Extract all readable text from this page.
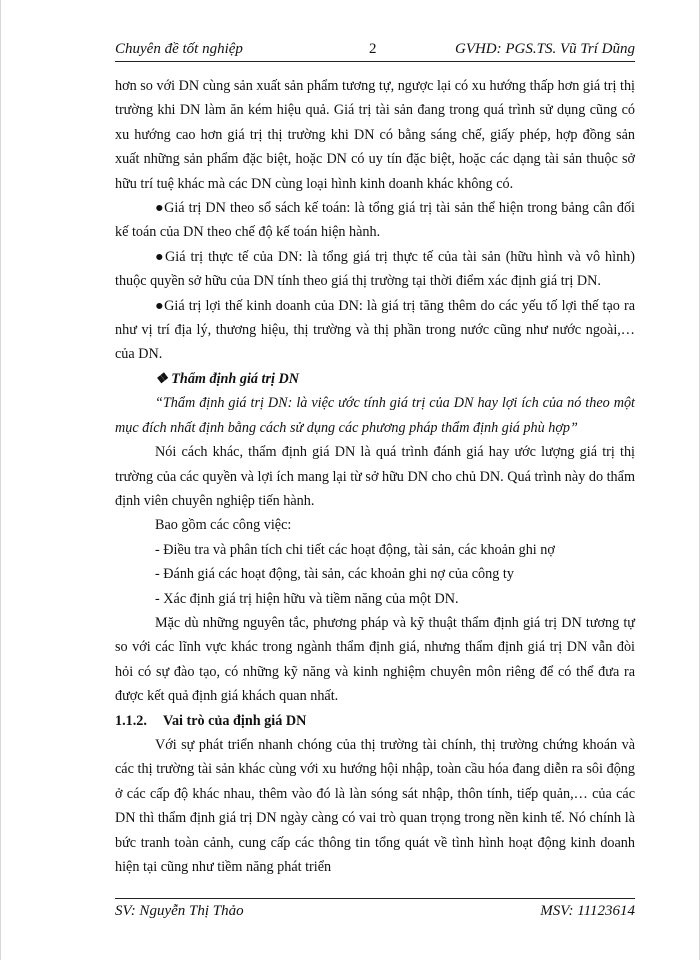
Chuyên đề tốt nghiệp	2	GVHD: PGS.TS. Vũ Trí Dũng

hơn so với DN cùng sản xuất sản phẩm tương tự, ngược lại có xu hướng thấp hơn giá trị thị trường khi DN làm ăn kém hiệu quả. Giá trị tài sản đang trong quá trình sử dụng cũng có xu hướng cao hơn giá trị thị trường khi DN có bằng sáng chế, giấy phép, hợp đồng sản xuất những sản phẩm đặc biệt, hoặc DN có uy tín đặc biệt, hoặc các dạng tài sản thuộc sở hữu trí tuệ khác mà các DN cùng loại hình kinh doanh khác không có.

●Giá trị DN theo sổ sách kế toán: là tổng giá trị tài sản thể hiện trong bảng cân đối kế toán của DN theo chế độ kế toán hiện hành.

●Giá trị thực tế của DN: là tổng giá trị thực tế của tài sản (hữu hình và vô hình) thuộc quyền sở hữu của DN tính theo giá thị trường tại thời điểm xác định giá trị DN.

●Giá trị lợi thế kinh doanh của DN: là giá trị tăng thêm do các yếu tố lợi thế tạo ra như vị trí địa lý, thương hiệu, thị trường và thị phần trong nước cũng như nước ngoài,… của DN.

❖ Thẩm định giá trị DN

“Thẩm định giá trị DN: là việc ước tính giá trị của DN hay lợi ích của nó theo một mục đích nhất định bằng cách sử dụng các phương pháp thẩm định giá phù hợp”

Nói cách khác, thẩm định giá DN là quá trình đánh giá hay ước lượng giá trị thị trường của các quyền và lợi ích mang lại từ sở hữu DN cho chủ DN. Quá trình này do thẩm định viên chuyên nghiệp tiến hành.

Bao gồm các công việc:

- Điều tra và phân tích chi tiết các hoạt động, tài sản, các khoản ghi nợ

- Đánh giá các hoạt động, tài sản, các khoản ghi nợ của công ty

- Xác định giá trị hiện hữu và tiềm năng của một DN.

Mặc dù những nguyên tắc, phương pháp và kỹ thuật thẩm định giá trị DN tương tự so với các lĩnh vực khác trong ngành thẩm định giá, nhưng thẩm định giá trị DN vẫn đòi hỏi có sự đào tạo, có những kỹ năng và kinh nghiệm chuyên môn riêng để có thể đưa ra được kết quả định giá khách quan nhất.

1.1.2. Vai trò của định giá DN

Với sự phát triển nhanh chóng của thị trường tài chính, thị trường chứng khoán và các thị trường tài sản khác cùng với xu hướng hội nhập, toàn cầu hóa đang diễn ra sôi động ở các cấp độ khác nhau, thêm vào đó là làn sóng sát nhập, thôn tính, tiếp quản,… của các DN thì thẩm định giá trị DN ngày càng có vai trò quan trọng trong nền kinh tế. Nó chính là bức tranh toàn cảnh, cung cấp các thông tin tổng quát về tình hình hoạt động kinh doanh hiện tại cũng như tiềm năng phát triển

SV: Nguyễn Thị Thảo	MSV: 11123614
